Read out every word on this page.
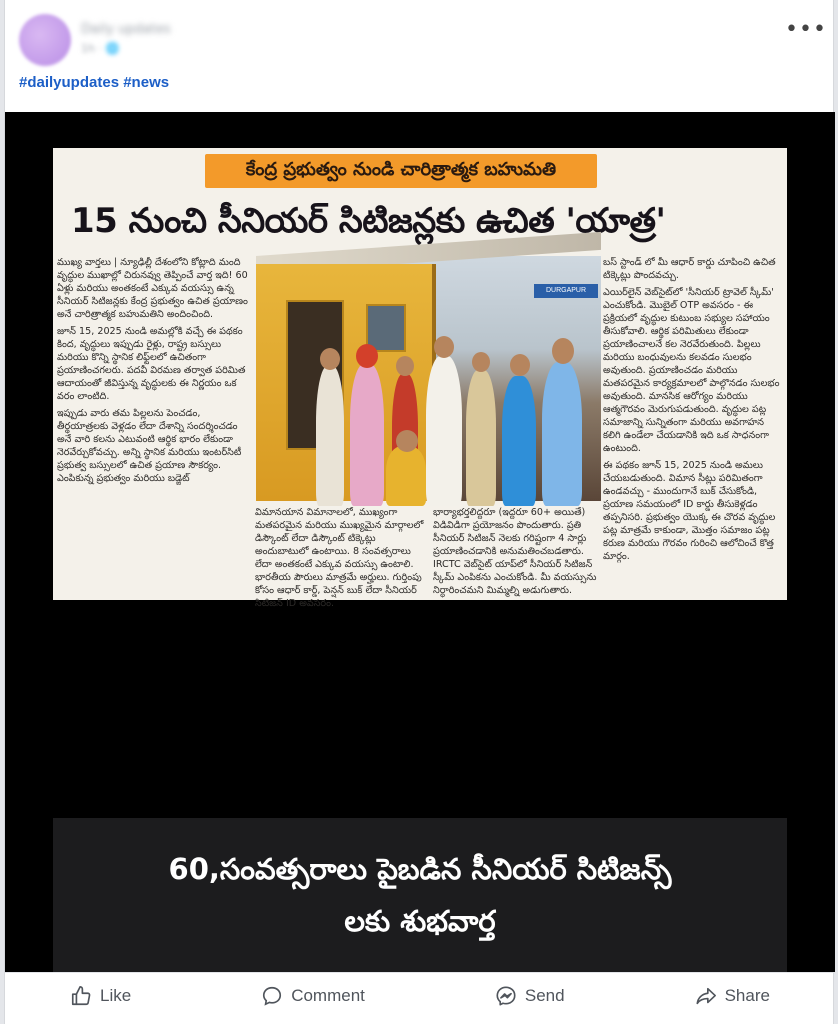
Daily updates
1h · 🌐
•••
#dailyupdates #news
కేంద్ర ప్రభుత్వం నుండి చారిత్రాత్మక బహుమతి
15 నుంచి సీనియర్ సిటిజన్లకు ఉచిత 'యాత్ర'

ముఖ్య వార్తలు | న్యూఢిల్లీ దేశంలోని కోట్లాది మంది వృద్ధుల ముఖాల్లో చిరునవ్వు తెప్పించే వార్త ఇది! 60 ఏళ్లు మరియు అంతకంటే ఎక్కువ వయస్సు ఉన్న సీనియర్ సిటిజన్లకు కేంద్ర ప్రభుత్వం ఉచిత ప్రయాణం అనే చారిత్రాత్మక బహుమతిని అందించింది.

జూన్ 15, 2025 నుండి అమల్లోకి వచ్చే ఈ పథకం కింద, వృద్ధులు ఇప్పుడు రైళ్లు, రాష్ట్ర బస్సులు మరియు కొన్ని స్థానిక లిఫ్ట్‌లలో ఉచితంగా ప్రయాణించగలరు. పదవీ విరమణ తర్వాత పరిమిత ఆదాయంతో జీవిస్తున్న వృద్ధులకు ఈ నిర్ణయం ఒక వరం లాంటిది.

ఇప్పుడు వారు తమ పిల్లలను పెంచడం, తీర్థయాత్రలకు వెళ్లడం లేదా దేశాన్ని సందర్శించడం అనే వారి కలను ఎటువంటి ఆర్థిక భారం లేకుండా నెరవేర్చుకోవచ్చు. అన్ని స్థానిక మరియు ఇంటర్‌సిటీ ప్రభుత్వ బస్సులలో ఉచిత ప్రయాణ సౌకర్యం. ఎంపికున్న ప్రభుత్వం మరియు బడ్జెట్

DURGAPUR
విమానయాన విమానాలలో, ముఖ్యంగా మతపరమైన మరియు ముఖ్యమైన మార్గాలలో డిస్కౌంట్ లేదా డిస్కౌంట్ టిక్కెట్లు అందుబాటులో ఉంటాయి. 8 సంవత్సరాలు లేదా అంతకంటే ఎక్కువ వయస్సు ఉంటాలి. భారతీయ పౌరులు మాత్రమే అర్హులు. గుర్తింపు కోసం ఆధార్ కార్డ్, పెన్షన్ బుక్ లేదా సీనియర్ సిటిజన్ ID అవసరం.
భార్యాభర్తలిద్దరూ (ఇద్దరూ 60+ అయితే) విడివిడిగా ప్రయోజనం పొందుతారు. ప్రతి సీనియర్ సిటిజన్ నెలకు గరిష్టంగా 4 సార్లు ప్రయాణించడానికి అనుమతించబడతారు. IRCTC వెబ్‌సైట్ యాప్‌లో సీనియర్ సిటిజన్ స్కీమ్ ఎంపికను ఎంచుకోండి. మీ వయస్సును నిర్ధారించమని మిమ్మల్ని అడుగుతారు.

బస్ స్టాండ్ లో మీ ఆధార్ కార్డు చూపించి ఉచిత టిక్కెట్లు పొందవచ్చు.

ఎయిర్‌లైన్ వెబ్‌సైట్‌లో 'సీనియర్ ట్రావెల్ స్కీమ్' ఎంచుకోండి. మొబైల్ OTP అవసరం - ఈ ప్రక్రియలో వృద్ధుల కుటుంబ సభ్యుల సహాయం తీసుకోవాలి. ఆర్థిక పరిమితులు లేకుండా ప్రయాణించాలనే కల నెరవేరుతుంది. పిల్లలు మరియు బంధువులను కలవడం సులభం అవుతుంది. ప్రయాణించడం మరియు మతపరమైన కార్యక్రమాలలో పాల్గొనడం సులభం అవుతుంది. మానసిక ఆరోగ్యం మరియు ఆత్మగౌరవం మెరుగుపడుతుంది. వృద్ధుల పట్ల సమాజాన్ని సున్నితంగా మరియు అవగాహన కలిగి ఉండేలా చేయడానికి ఇది ఒక సాధనంగా ఉంటుంది.

ఈ పథకం జూన్ 15, 2025 నుండి అమలు చేయబడుతుంది. విమాన సీట్లు పరిమితంగా ఉండవచ్చు - ముందుగానే బుక్ చేసుకోండి, ప్రయాణ సమయంలో ID కార్డు తీసుకెళ్లడం తప్పనిసరి. ప్రభుత్వం యొక్క ఈ చొరవ వృద్ధుల పట్ల మాత్రమే కాకుండా, మొత్తం సమాజం పట్ల కరుణ మరియు గౌరవం గురించి ఆలోచించే కొత్త మార్గం.

60,సంవత్సరాలు పైబడిన సీనియర్ సిటిజన్స్
లకు శుభవార్త
Like	Comment	Send	Share
